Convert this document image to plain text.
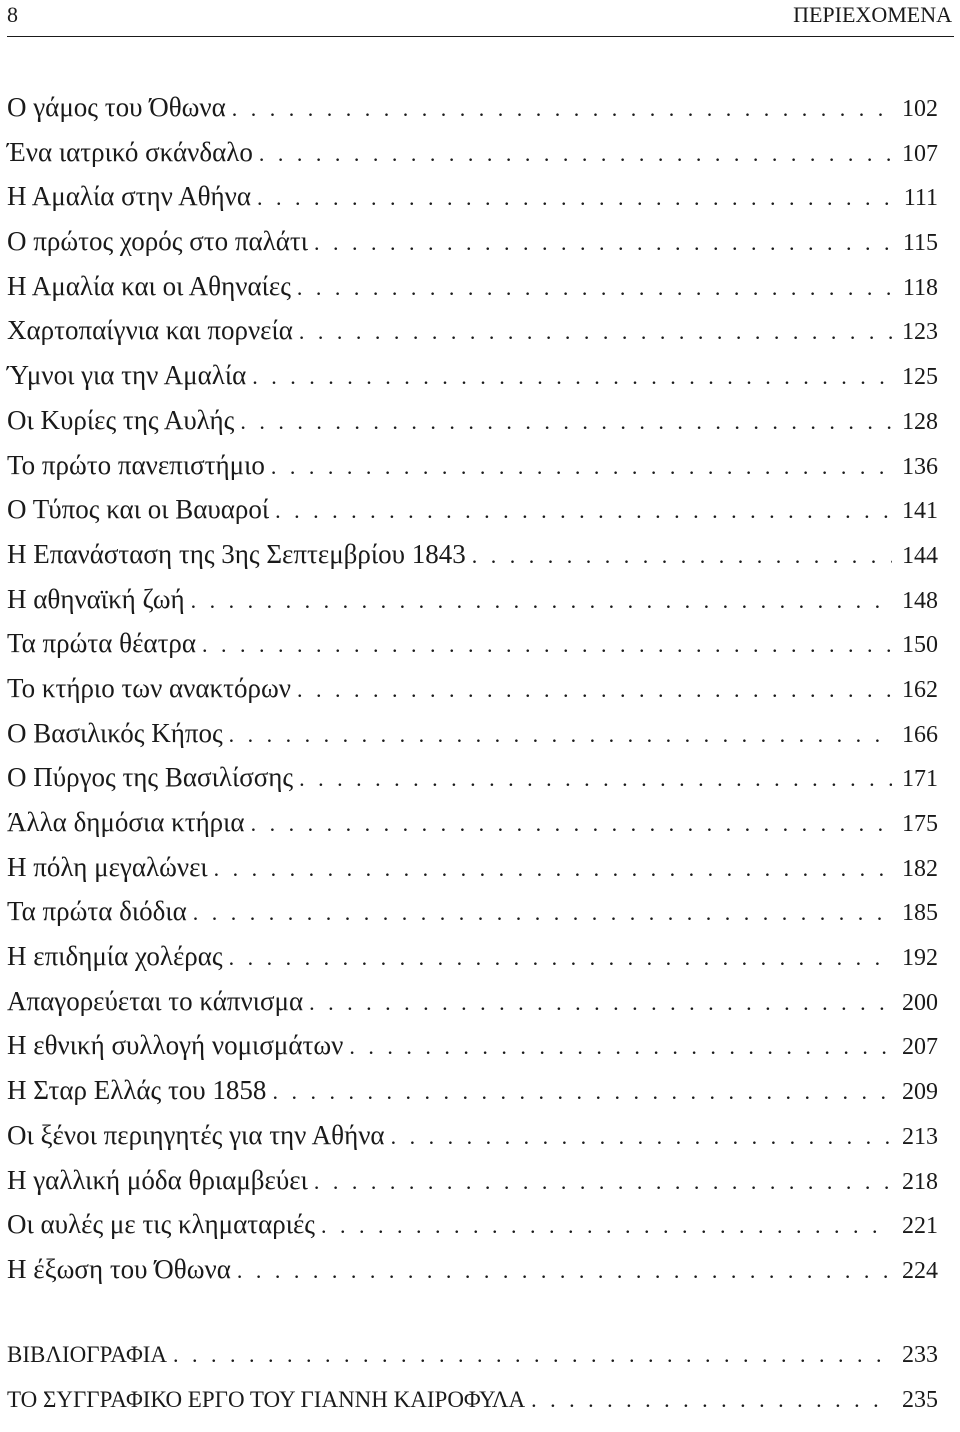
8	ΠΕΡΙΕΧΟΜΕΝΑ
Ο γάμος του Όθωνα . . .	102
Ένα ιατρικό σκάνδαλο . . .	107
Η Αμαλία στην Αθήνα . . .	111
Ο πρώτος χορός στο παλάτι . . .	115
Η Αμαλία και οι Αθηναίες . . .	118
Χαρτοπαίγνια και πορνεία . . .	123
Ύμνοι για την Αμαλία . . .	125
Οι Κυρίες της Αυλής . . .	128
Το πρώτο πανεπιστήμιο . . .	136
Ο Τύπος και οι Βαυαροί . . .	141
Η Επανάσταση της 3ης Σεπτεμβρίου 1843 . . .	144
Η αθηναϊκή ζωή . . .	148
Τα πρώτα θέατρα . . .	150
Το κτήριο των ανακτόρων . . .	162
Ο Βασιλικός Κήπος . . .	166
Ο Πύργος της Βασιλίσσης . . .	171
Άλλα δημόσια κτήρια . . .	175
Η πόλη μεγαλώνει . . .	182
Τα πρώτα διόδια . . .	185
Η επιδημία χολέρας . . .	192
Απαγορεύεται το κάπνισμα . . .	200
Η εθνική συλλογή νομισμάτων . . .	207
Η Σταρ Ελλάς του 1858 . . .	209
Οι ξένοι περιηγητές για την Αθήνα . . .	213
Η γαλλική μόδα θριαμβεύει . . .	218
Οι αυλές με τις κληματαριές . . .	221
Η έξωση του Όθωνα . . .	224
ΒΙΒΛΙΟΓΡΑΦΙΑ . . .	233
ΤΟ ΣΥΓΓΡΑΦΙΚΟ ΕΡΓΟ ΤΟΥ ΓΙΑΝΝΗ ΚΑΙΡΟΦΥΛΑ . . .	235
